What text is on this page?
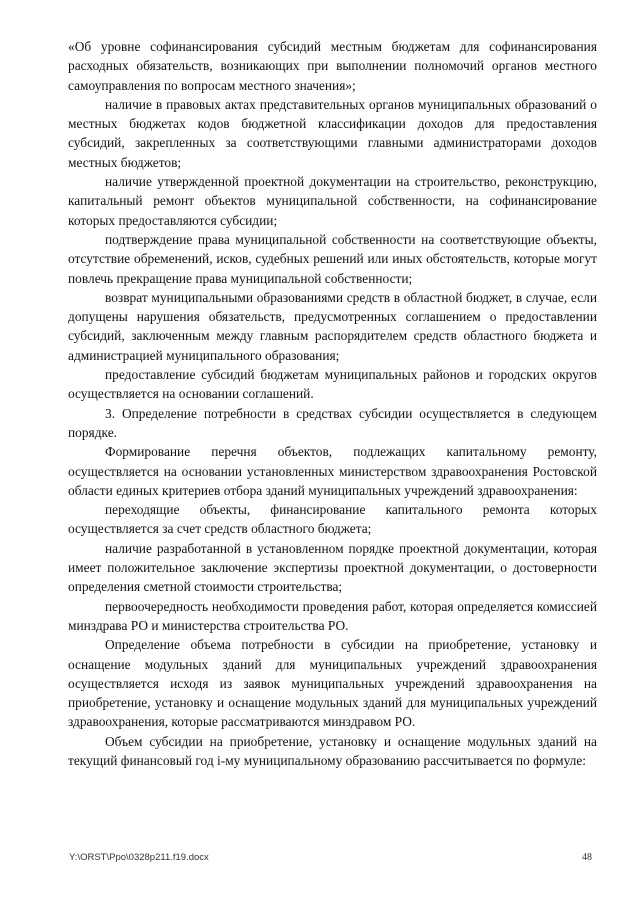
«Об уровне софинансирования субсидий местным бюджетам для софинансирования расходных обязательств, возникающих при выполнении полномочий органов местного самоуправления по вопросам местного значения»;

наличие в правовых актах представительных органов муниципальных образований о местных бюджетах кодов бюджетной классификации доходов для предоставления субсидий, закрепленных за соответствующими главными администраторами доходов местных бюджетов;

наличие утвержденной проектной документации на строительство, реконструкцию, капитальный ремонт объектов муниципальной собственности, на софинансирование которых предоставляются субсидии;

подтверждение права муниципальной собственности на соответствующие объекты, отсутствие обременений, исков, судебных решений или иных обстоятельств, которые могут повлечь прекращение права муниципальной собственности;

возврат муниципальными образованиями средств в областной бюджет, в случае, если допущены нарушения обязательств, предусмотренных соглашением о предоставлении субсидий, заключенным между главным распорядителем средств областного бюджета и администрацией муниципального образования;

предоставление субсидий бюджетам муниципальных районов и городских округов осуществляется на основании соглашений.

3. Определение потребности в средствах субсидии осуществляется в следующем порядке.

Формирование перечня объектов, подлежащих капитальному ремонту, осуществляется на основании установленных министерством здравоохранения Ростовской области единых критериев отбора зданий муниципальных учреждений здравоохранения:

переходящие объекты, финансирование капитального ремонта которых осуществляется за счет средств областного бюджета;

наличие разработанной в установленном порядке проектной документации, которая имеет положительное заключение экспертизы проектной документации, о достоверности определения сметной стоимости строительства;

первоочередность необходимости проведения работ, которая определяется комиссией минздрава РО и министерства строительства РО.

Определение объема потребности в субсидии на приобретение, установку и оснащение модульных зданий для муниципальных учреждений здравоохранения осуществляется исходя из заявок муниципальных учреждений здравоохранения на приобретение, установку и оснащение модульных зданий для муниципальных учреждений здравоохранения, которые рассматриваются минздравом РО.

Объем субсидии на приобретение, установку и оснащение модульных зданий на текущий финансовый год i-му муниципальному образованию рассчитывается по формуле:

Y:\ORST\Ppo\0328p211.f19.docx	48
